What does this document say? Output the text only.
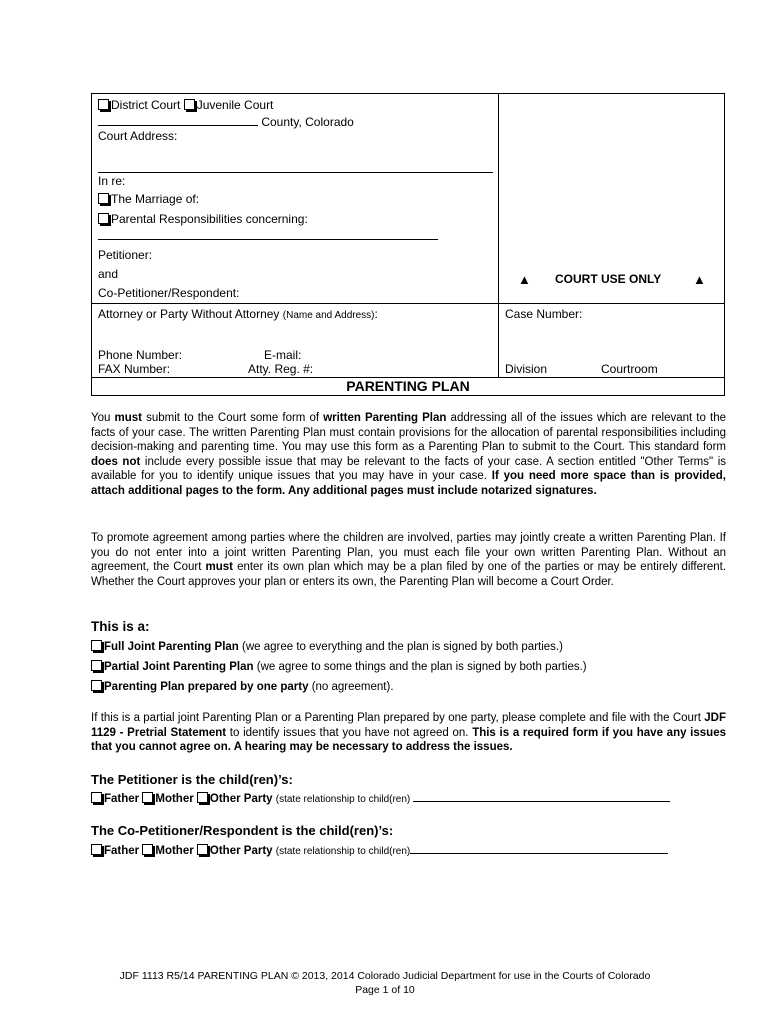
District Court Juvenile Court
County, Colorado
Court Address:
In re:
The Marriage of:
Parental Responsibilities concerning:
Petitioner:
and
Co-Petitioner/Respondent:
Attorney or Party Without Attorney (Name and Address):
Phone Number:	E-mail:
FAX Number:	Atty. Reg. #:
▲ COURT USE ONLY ▲
Case Number:
Division	Courtroom
PARENTING PLAN
You must submit to the Court some form of written Parenting Plan addressing all of the issues which are relevant to the facts of your case. The written Parenting Plan must contain provisions for the allocation of parental responsibilities including decision-making and parenting time. You may use this form as a Parenting Plan to submit to the Court. This standard form does not include every possible issue that may be relevant to the facts of your case. A section entitled "Other Terms" is available for you to identify unique issues that you may have in your case. If you need more space than is provided, attach additional pages to the form. Any additional pages must include notarized signatures.
To promote agreement among parties where the children are involved, parties may jointly create a written Parenting Plan. If you do not enter into a joint written Parenting Plan, you must each file your own written Parenting Plan. Without an agreement, the Court must enter its own plan which may be a plan filed by one of the parties or may be entirely different. Whether the Court approves your plan or enters its own, the Parenting Plan will become a Court Order.
This is a:
Full Joint Parenting Plan (we agree to everything and the plan is signed by both parties.)
Partial Joint Parenting Plan (we agree to some things and the plan is signed by both parties.)
Parenting Plan prepared by one party (no agreement).
If this is a partial joint Parenting Plan or a Parenting Plan prepared by one party, please complete and file with the Court JDF 1129 - Pretrial Statement to identify issues that you have not agreed on. This is a required form if you have any issues that you cannot agree on. A hearing may be necessary to address the issues.
The Petitioner is the child(ren)’s:
Father Mother Other Party (state relationship to child(ren)
The Co-Petitioner/Respondent is the child(ren)’s:
Father Mother Other Party (state relationship to child(ren)
JDF 1113 R5/14 PARENTING PLAN © 2013, 2014 Colorado Judicial Department for use in the Courts of Colorado
Page 1 of 10
